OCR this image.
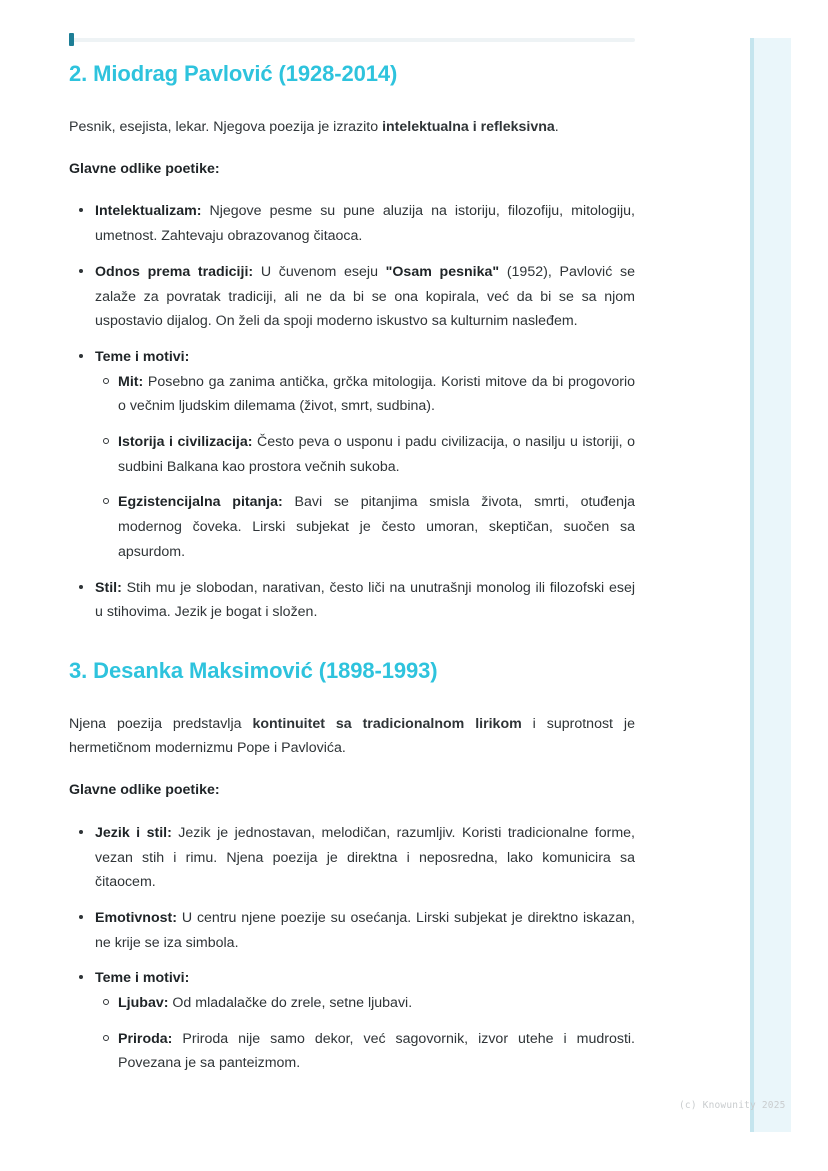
2. Miodrag Pavlović (1928-2014)

Pesnik, esejista, lekar. Njegova poezija je izrazito intelektualna i refleksivna.

Glavne odlike poetike:

Intelektualizam: Njegove pesme su pune aluzija na istoriju, filozofiju, mitologiju, umetnost. Zahtevaju obrazovanog čitaoca.
Odnos prema tradiciji: U čuvenom eseju "Osam pesnika" (1952), Pavlović se zalaže za povratak tradiciji, ali ne da bi se ona kopirala, već da bi se sa njom uspostavio dijalog. On želi da spoji moderno iskustvo sa kulturnim nasleđem.
Teme i motivi:
Mit: Posebno ga zanima antička, grčka mitologija. Koristi mitove da bi progovorio o večnim ljudskim dilemama (život, smrt, sudbina).
Istorija i civilizacija: Često peva o usponu i padu civilizacija, o nasilju u istoriji, o sudbini Balkana kao prostora večnih sukoba.
Egzistencijalna pitanja: Bavi se pitanjima smisla života, smrti, otuđenja modernog čoveka. Lirski subjekat je često umoran, skeptičan, suočen sa apsurdom.
Stil: Stih mu je slobodan, narativan, često liči na unutrašnji monolog ili filozofski esej u stihovima. Jezik je bogat i složen.
3. Desanka Maksimović (1898-1993)

Njena poezija predstavlja kontinuitet sa tradicionalnom lirikom i suprotnost je hermetičnom modernizmu Pope i Pavlovića.

Glavne odlike poetike:

Jezik i stil: Jezik je jednostavan, melodičan, razumljiv. Koristi tradicionalne forme, vezan stih i rimu. Njena poezija je direktna i neposredna, lako komunicira sa čitaocem.
Emotivnost: U centru njene poezije su osećanja. Lirski subjekat je direktno iskazan, ne krije se iza simbola.
Teme i motivi:
Ljubav: Od mladalačke do zrele, setne ljubavi.
Priroda: Priroda nije samo dekor, već sagovornik, izvor utehe i mudrosti. Povezana je sa panteizmom.
(c) Knowunity 2025
